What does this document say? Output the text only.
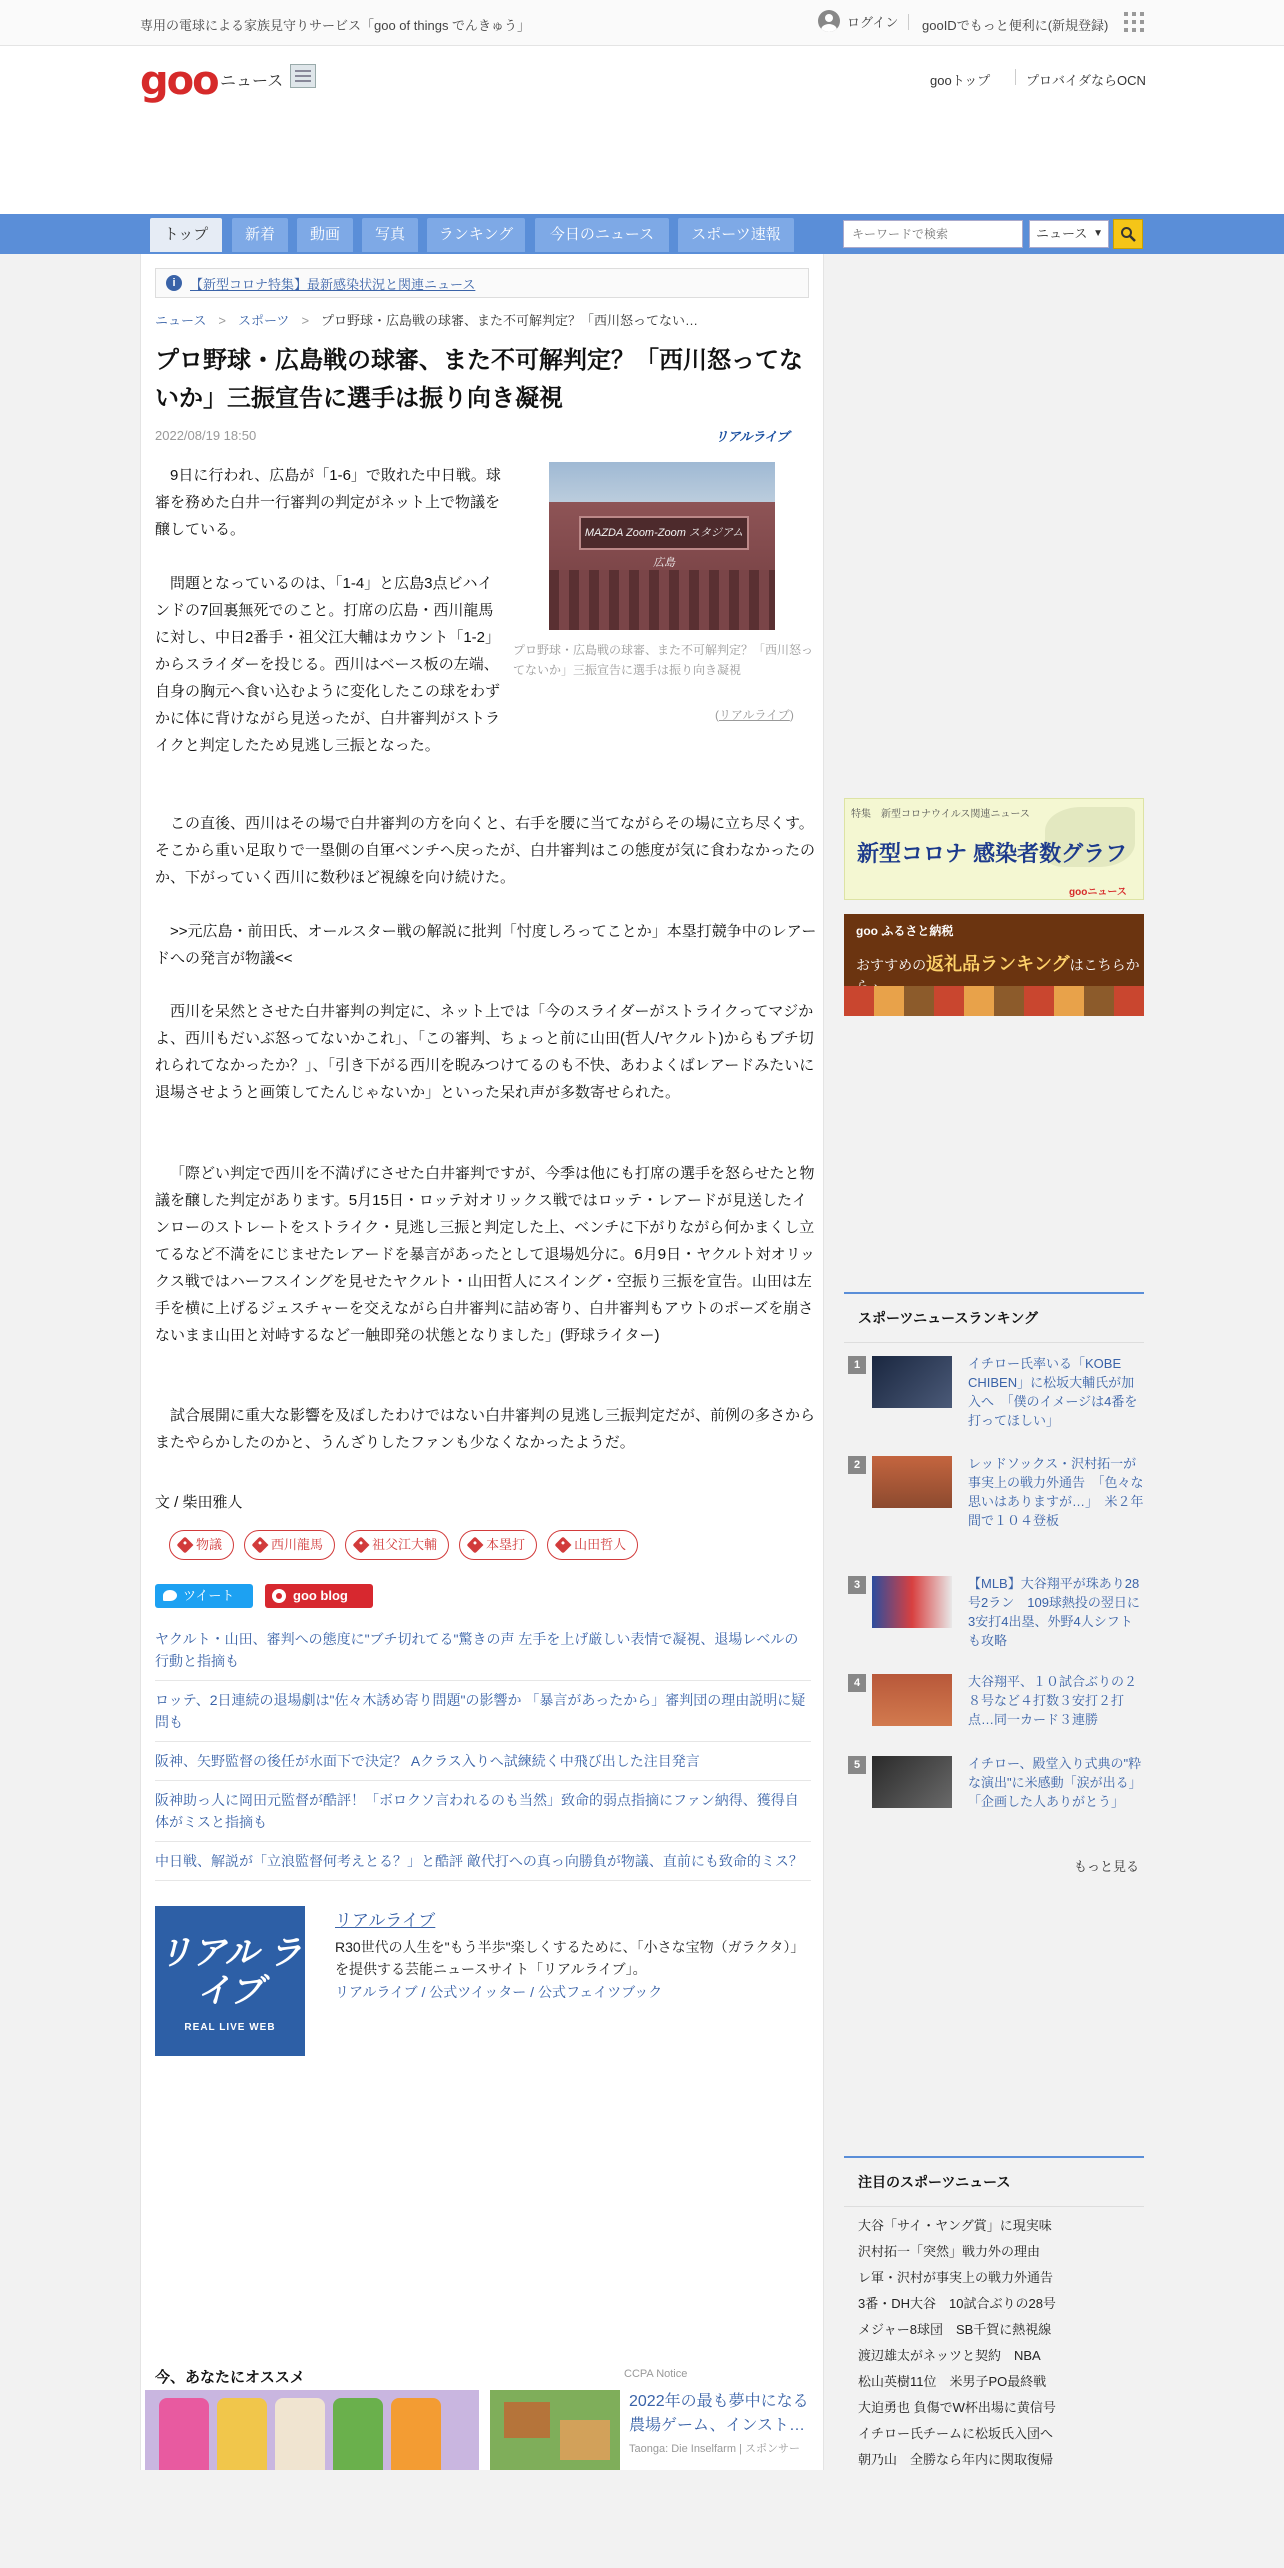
専用の電球による家族見守りサービス「goo of things でんきゅう」	ログイン gooIDでもっと便利に(新規登録)
goo ニュース	gooトップ	プロバイダならOCN
トップ	新着	動画	写真	ランキング	今日のニュース	スポーツ速報
キーワードで検索	ニュース ▼
i	【新型コロナ特集】最新感染状況と関連ニュース
ニュース > スポーツ > プロ野球・広島戦の球審、また不可解判定？「西川怒ってない…
プロ野球・広島戦の球審、また不可解判定？「西川怒ってないか」三振宣告に選手は振り向き凝視
2022/08/19 18:50	リアルライブ
MAZDA Zoom-Zoom スタジアム広島
プロ野球・広島戦の球審、また不可解判定？「西川怒ってないか」三振宣告に選手は振り向き凝視
(リアルライブ)

9日に行われ、広島が「1-6」で敗れた中日戦。球審を務めた白井一行審判の判定がネット上で物議を醸している。

問題となっているのは、「1-4」と広島3点ビハインドの7回裏無死でのこと。打席の広島・西川龍馬に対し、中日2番手・祖父江大輔はカウント「1-2」からスライダーを投じる。西川はベース板の左端、自身の胸元へ食い込むように変化したこの球をわずかに体に背けながら見送ったが、白井審判がストライクと判定したため見逃し三振となった。

この直後、西川はその場で白井審判の方を向くと、右手を腰に当てながらその場に立ち尽くす。そこから重い足取りで一塁側の自軍ベンチへ戻ったが、白井審判はこの態度が気に食わなかったのか、下がっていく西川に数秒ほど視線を向け続けた。

>>元広島・前田氏、オールスター戦の解説に批判「忖度しろってことか」本塁打競争中のレアードへの発言が物議<<

西川を呆然とさせた白井審判の判定に、ネット上では「今のスライダーがストライクってマジかよ、西川もだいぶ怒ってないかこれ」、「この審判、ちょっと前に山田(哲人/ヤクルト)からもブチ切れられてなかったか？」、「引き下がる西川を睨みつけてるのも不快、あわよくばレアードみたいに退場させようと画策してたんじゃないか」といった呆れ声が多数寄せられた。

「際どい判定で西川を不満げにさせた白井審判ですが、今季は他にも打席の選手を怒らせたと物議を醸した判定があります。5月15日・ロッテ対オリックス戦ではロッテ・レアードが見送したインローのストレートをストライク・見逃し三振と判定した上、ベンチに下がりながら何かまくし立てるなど不満をにじませたレアードを暴言があったとして退場処分に。6月9日・ヤクルト対オリックス戦ではハーフスイングを見せたヤクルト・山田哲人にスイング・空振り三振を宣告。山田は左手を横に上げるジェスチャーを交えながら白井審判に詰め寄り、白井審判もアウトのポーズを崩さないまま山田と対峙するなど一触即発の状態となりました」(野球ライター)

試合展開に重大な影響を及ぼしたわけではない白井審判の見逃し三振判定だが、前例の多さからまたやらかしたのかと、うんざりしたファンも少なくなかったようだ。

文 / 柴田雅人
物議	西川龍馬	祖父江大輔	本塁打	山田哲人
ツイート	goo blog
ヤクルト・山田、審判への態度に"ブチ切れてる"驚きの声 左手を上げ厳しい表情で凝視、退場レベルの行動と指摘も
ロッテ、2日連続の退場劇は"佐々木誘め寄り問題"の影響か 「暴言があったから」審判団の理由説明に疑問も
阪神、矢野監督の後任が水面下で決定？ Aクラス入りへ試練続く中飛び出した注目発言
阪神助っ人に岡田元監督が酷評！「ボロクソ言われるのも当然」致命的弱点指摘にファン納得、獲得自体がミスと指摘も
中日戦、解説が「立浪監督何考えとる？」と酷評 敵代打への真っ向勝負が物議、直前にも致命的ミス？
リアル ライブ
REAL LIVE WEB
リアルライブ
R30世代の人生を"もう半歩"楽しくするために、「小さな宝物（ガラクタ）」を提供する芸能ニュースサイト「リアルライブ」。
リアルライブ / 公式ツイッター / 公式フェイツブック
今、あなたにオススメ	CCPA Notice
2022年の最も夢中になる農場ゲーム、インスト…
Taonga: Die Inselfarm | スポンサー
特集　新型コロナウイルス関連ニュース
新型コロナ 感染者数グラフ
gooニュース
goo ふるさと納税
おすすめの返礼品ランキングはこちらか
スポーツニュースランキング
1	イチロー氏率いる「KOBE CHIBEN」に松坂大輔氏が加入へ　「僕のイメージは4番を打ってほしい」
2	レッドソックス・沢村拓一が事実上の戦力外通告　「色々な思いはありますが…」　米２年間で１０４登板
3	【MLB】大谷翔平が珠あり28号2ラン　109球熱投の翌日に3安打4出塁、外野4人シフトも攻略
4	大谷翔平、１０試合ぶりの２８号など４打数３安打２打点…同一カード３連勝
5	イチロー、殿堂入り式典の"粋な演出"に米感動「涙が出る」「企画した人ありがとう」
もっと見る
注目のスポーツニュース
大谷「サイ・ヤング賞」に現実味
沢村拓一「突然」戦力外の理由
レ軍・沢村が事実上の戦力外通告
3番・DH大谷　10試合ぶりの28号
メジャー8球団　SB千賀に熱視線
渡辺雄太がネッツと契約　NBA
松山英樹11位　米男子PO最終戦
大迫勇也 負傷でW杯出場に黄信号
イチロー氏チームに松坂氏入団へ
朝乃山　全勝なら年内に関取復帰
